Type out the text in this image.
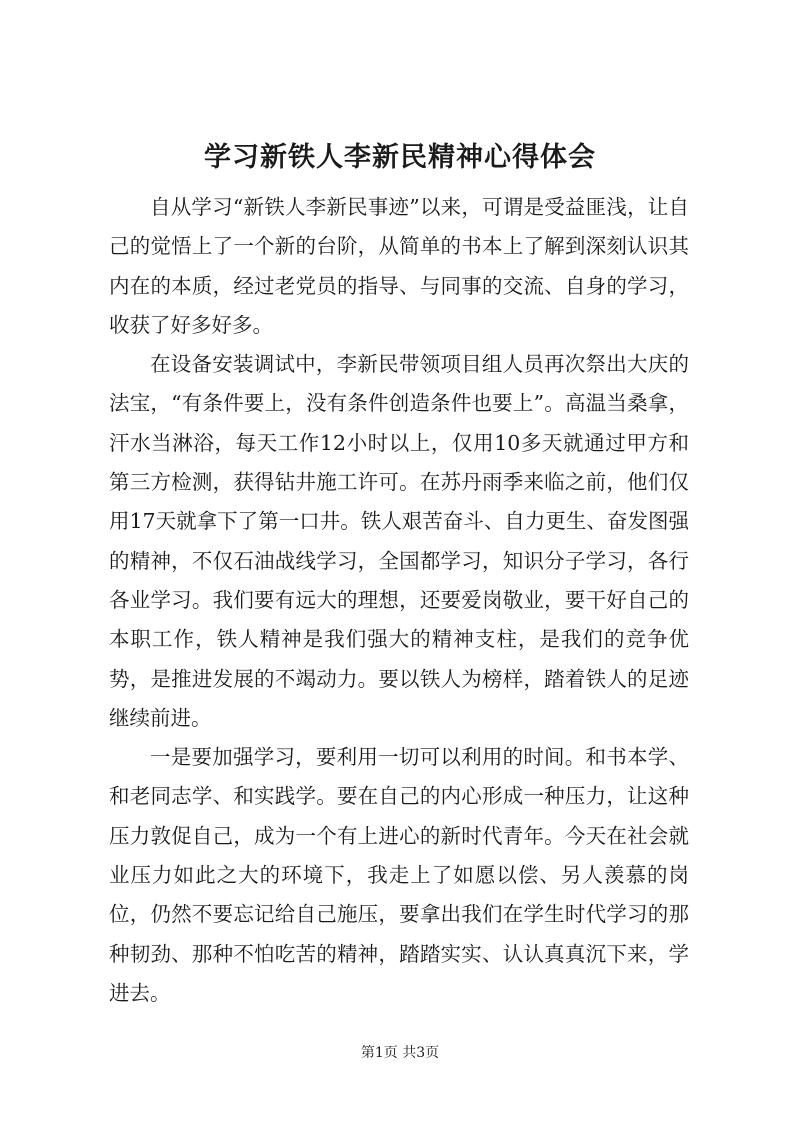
学习新铁人李新民精神心得体会

自从学习“新铁人李新民事迹”以来，可谓是受益匪浅，让自己的觉悟上了一个新的台阶，从简单的书本上了解到深刻认识其内在的本质，经过老党员的指导、与同事的交流、自身的学习，收获了好多好多。

在设备安装调试中，李新民带领项目组人员再次祭出大庆的法宝，“有条件要上，没有条件创造条件也要上”。高温当桑拿，汗水当淋浴，每天工作12小时以上，仅用10多天就通过甲方和第三方检测，获得钻井施工许可。在苏丹雨季来临之前，他们仅用17天就拿下了第一口井。铁人艰苦奋斗、自力更生、奋发图强的精神，不仅石油战线学习，全国都学习，知识分子学习，各行各业学习。我们要有远大的理想，还要爱岗敬业，要干好自己的本职工作，铁人精神是我们强大的精神支柱，是我们的竞争优势，是推进发展的不竭动力。要以铁人为榜样，踏着铁人的足迹继续前进。

一是要加强学习，要利用一切可以利用的时间。和书本学、和老同志学、和实践学。要在自己的内心形成一种压力，让这种压力敦促自己，成为一个有上进心的新时代青年。今天在社会就业压力如此之大的环境下，我走上了如愿以偿、另人羡慕的岗位，仍然不要忘记给自己施压，要拿出我们在学生时代学习的那种韧劲、那种不怕吃苦的精神，踏踏实实、认认真真沉下来，学进去。

第1页 共3页
